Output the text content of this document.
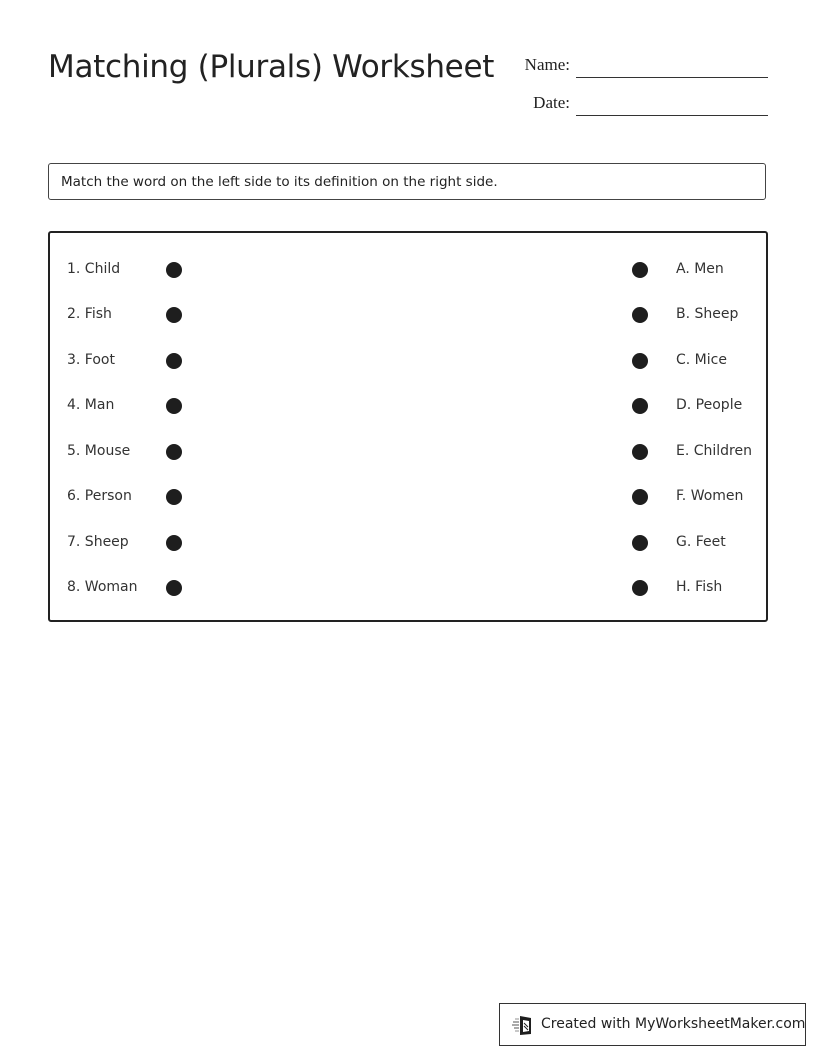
Matching (Plurals) Worksheet Name:
Date:
Match the word on the left side to its definition on the right side.
1. Child
2. Fish
3. Foot
4. Man
5. Mouse
6. Person
7. Sheep
8. Woman
A. Men
B. Sheep
C. Mice
D. People
E. Children
F. Women
G. Feet
H. Fish
Created with MyWorksheetMaker.com
